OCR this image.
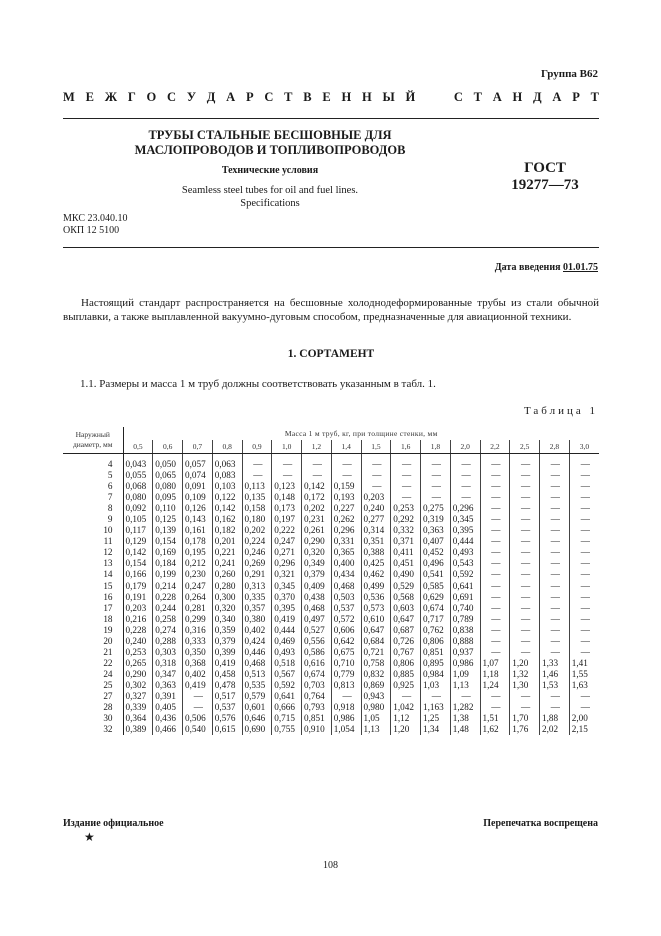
Группа В62
М Е Ж Г О С У Д А Р С Т В Е Н Н Ы Й

	С Т А Н Д А Р Т
ТРУБЫ СТАЛЬНЫЕ БЕСШОВНЫЕ ДЛЯ
МАСЛОПРОВОДОВ И ТОПЛИВОПРОВОДОВ
Технические условия
Seamless steel tubes for oil and fuel lines.
Specifications
ГОСТ
19277—73
МКС 23.040.10
ОКП 12 5100
Дата введения 01.01.75
Настоящий стандарт распространяется на бесшовные холоднодеформированные трубы из стали обычной выплавки, а также выплавленной вакуумно-дуговым способом, предназначенные для авиационной техники.
1. СОРТАМЕНТ
1.1. Размеры и масса 1 м труб должны соответствовать указанным в табл. 1.
Таблица 1
Наружный
диаметр, мм	Масса 1 м труб, кг, при толщине стенки, мм															
	0,5	0,6	0,7	0,8	0,9	1,0	1,2	1,4	1,5	1,6	1,8	2,0	2,2	2,5	2,8	3,0
4	0,043	0,050	0,057	0,063	—	—	—	—	—	—	—	—	—	—	—	—
5	0,055	0,065	0,074	0,083	—	—	—	—	—	—	—	—	—	—	—	—
6	0,068	0,080	0,091	0,103	0,113	0,123	0,142	0,159	—	—	—	—	—	—	—	—
7	0,080	0,095	0,109	0,122	0,135	0,148	0,172	0,193	0,203	—	—	—	—	—	—	—
8	0,092	0,110	0,126	0,142	0,158	0,173	0,202	0,227	0,240	0,253	0,275	0,296	—	—	—	—
9	0,105	0,125	0,143	0,162	0,180	0,197	0,231	0,262	0,277	0,292	0,319	0,345	—	—	—	—
10	0,117	0,139	0,161	0,182	0,202	0,222	0,261	0,296	0,314	0,332	0,363	0,395	—	—	—	—
11	0,129	0,154	0,178	0,201	0,224	0,247	0,290	0,331	0,351	0,371	0,407	0,444	—	—	—	—
12	0,142	0,169	0,195	0,221	0,246	0,271	0,320	0,365	0,388	0,411	0,452	0,493	—	—	—	—
13	0,154	0,184	0,212	0,241	0,269	0,296	0,349	0,400	0,425	0,451	0,496	0,543	—	—	—	—
14	0,166	0,199	0,230	0,260	0,291	0,321	0,379	0,434	0,462	0,490	0,541	0,592	—	—	—	—
15	0,179	0,214	0,247	0,280	0,313	0,345	0,409	0,468	0,499	0,529	0,585	0,641	—	—	—	—
16	0,191	0,228	0,264	0,300	0,335	0,370	0,438	0,503	0,536	0,568	0,629	0,691	—	—	—	—
17	0,203	0,244	0,281	0,320	0,357	0,395	0,468	0,537	0,573	0,603	0,674	0,740	—	—	—	—
18	0,216	0,258	0,299	0,340	0,380	0,419	0,497	0,572	0,610	0,647	0,717	0,789	—	—	—	—
19	0,228	0,274	0,316	0,359	0,402	0,444	0,527	0,606	0,647	0,687	0,762	0,838	—	—	—	—
20	0,240	0,288	0,333	0,379	0,424	0,469	0,556	0,642	0,684	0,726	0,806	0,888	—	—	—	—
21	0,253	0,303	0,350	0,399	0,446	0,493	0,586	0,675	0,721	0,767	0,851	0,937	—	—	—	—
22	0,265	0,318	0,368	0,419	0,468	0,518	0,616	0,710	0,758	0,806	0,895	0,986	1,07	1,20	1,33	1,41
24	0,290	0,347	0,402	0,458	0,513	0,567	0,674	0,779	0,832	0,885	0,984	1,09	1,18	1,32	1,46	1,55
25	0,302	0,363	0,419	0,478	0,535	0,592	0,703	0,813	0,869	0,925	1,03	1,13	1,24	1,30	1,53	1,63
27	0,327	0,391	—	0,517	0,579	0,641	0,764	—	0,943	—	—	—	—	—	—	—
28	0,339	0,405	—	0,537	0,601	0,666	0,793	0,918	0,980	1,042	1,163	1,282	—	—	—	—
30	0,364	0,436	0,506	0,576	0,646	0,715	0,851	0,986	1,05	1,12	1,25	1,38	1,51	1,70	1,88	2,00
32	0,389	0,466	0,540	0,615	0,690	0,755	0,910	1,054	1,13	1,20	1,34	1,48	1,62	1,76	2,02	2,15
Издание официальное
★
Перепечатка воспрещена
108
